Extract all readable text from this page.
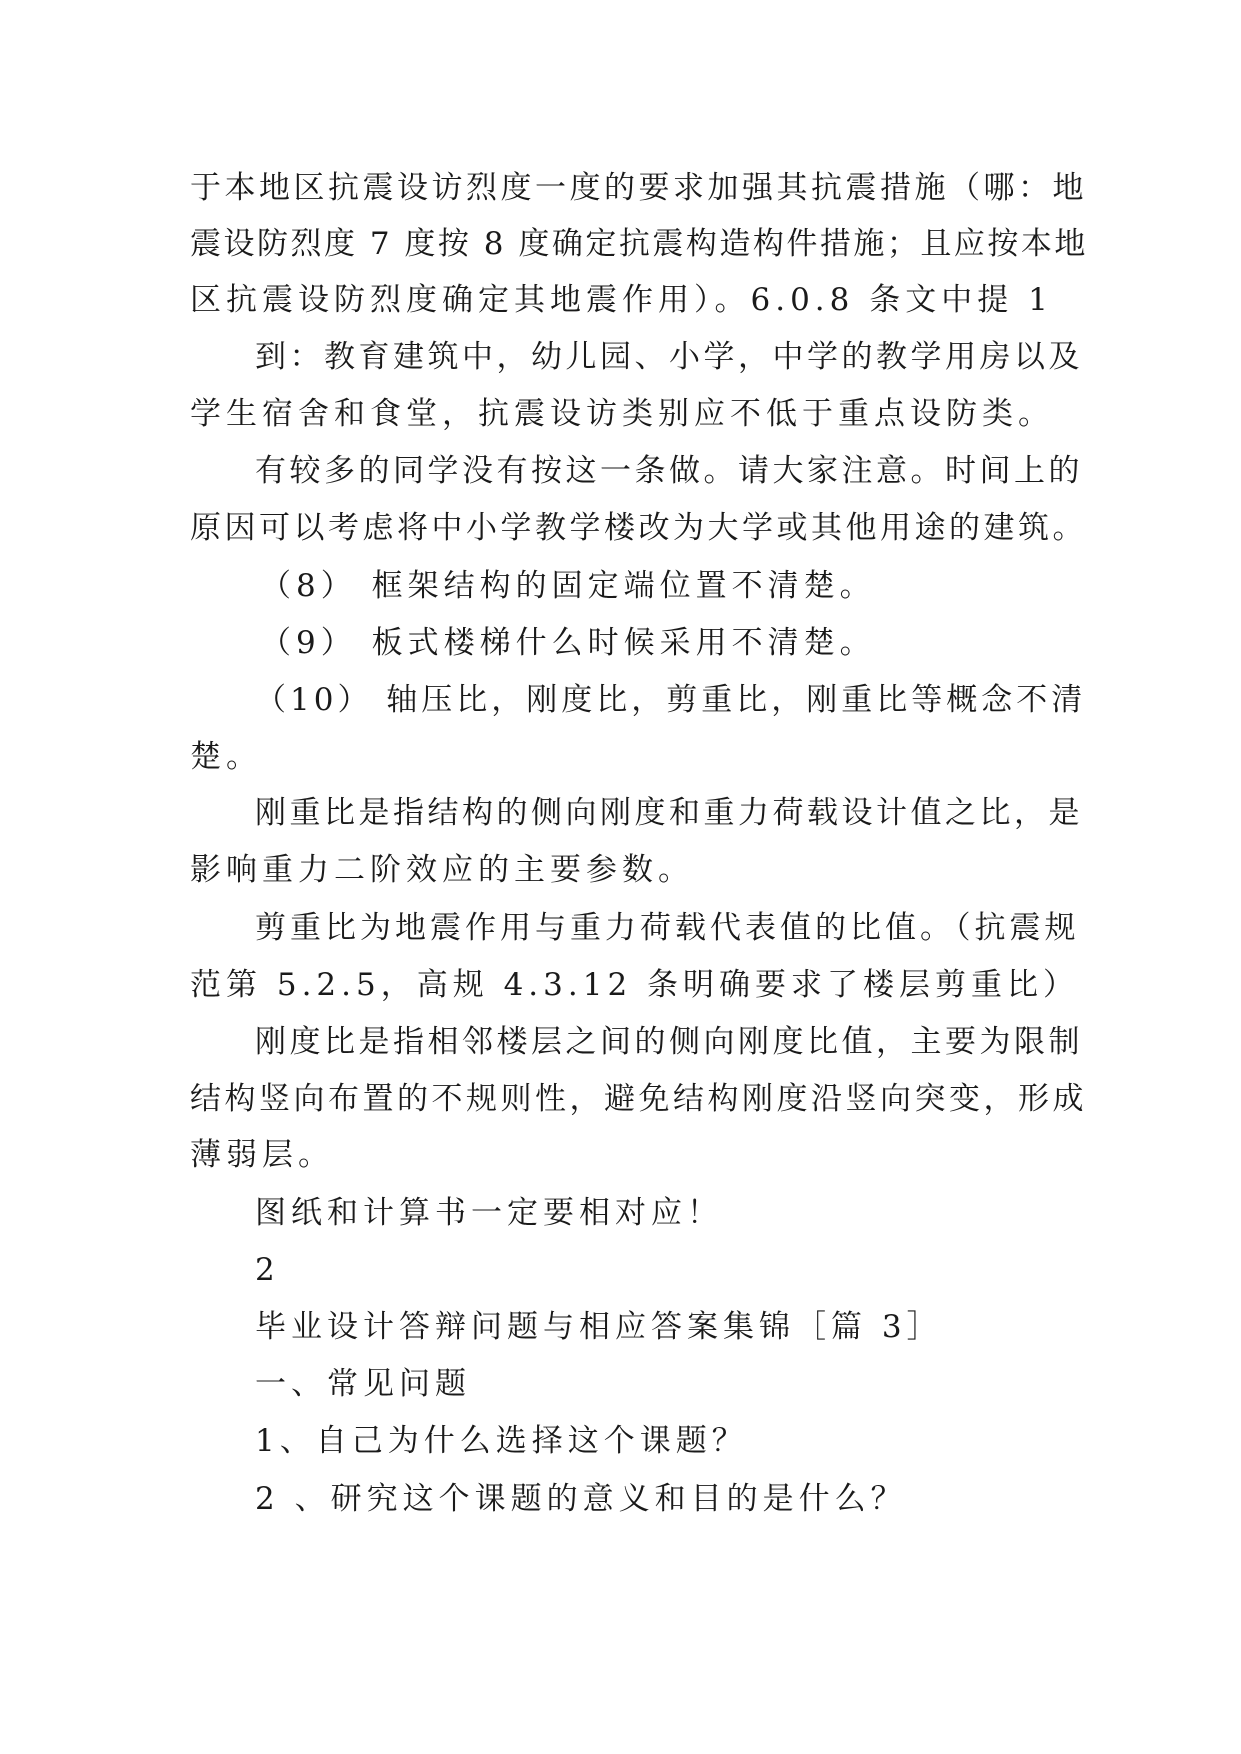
于本地区抗震设访烈度一度的要求加强其抗震措施（哪：地
震设防烈度 7 度按 8 度确定抗震构造构件措施；且应按本地
区抗震设防烈度确定其地震作用）。6.0.8 条文中提 1
到：教育建筑中，幼儿园、小学，中学的教学用房以及
学生宿舍和食堂，抗震设访类别应不低于重点设防类。
有较多的同学没有按这一条做。请大家注意。时间上的
原因可以考虑将中小学教学楼改为大学或其他用途的建筑。
（8） 框架结构的固定端位置不清楚。
（9） 板式楼梯什么时候采用不清楚。
（10） 轴压比，刚度比，剪重比，刚重比等概念不清
楚。
刚重比是指结构的侧向刚度和重力荷载设计值之比，是
影响重力二阶效应的主要参数。
剪重比为地震作用与重力荷载代表值的比值。（抗震规
范第 5.2.5，高规 4.3.12 条明确要求了楼层剪重比）
刚度比是指相邻楼层之间的侧向刚度比值，主要为限制
结构竖向布置的不规则性，避免结构刚度沿竖向突变，形成
薄弱层。
图纸和计算书一定要相对应！
2
毕业设计答辩问题与相应答案集锦［篇 3］
一、常见问题
1、自己为什么选择这个课题？
2 、研究这个课题的意义和目的是什么？
